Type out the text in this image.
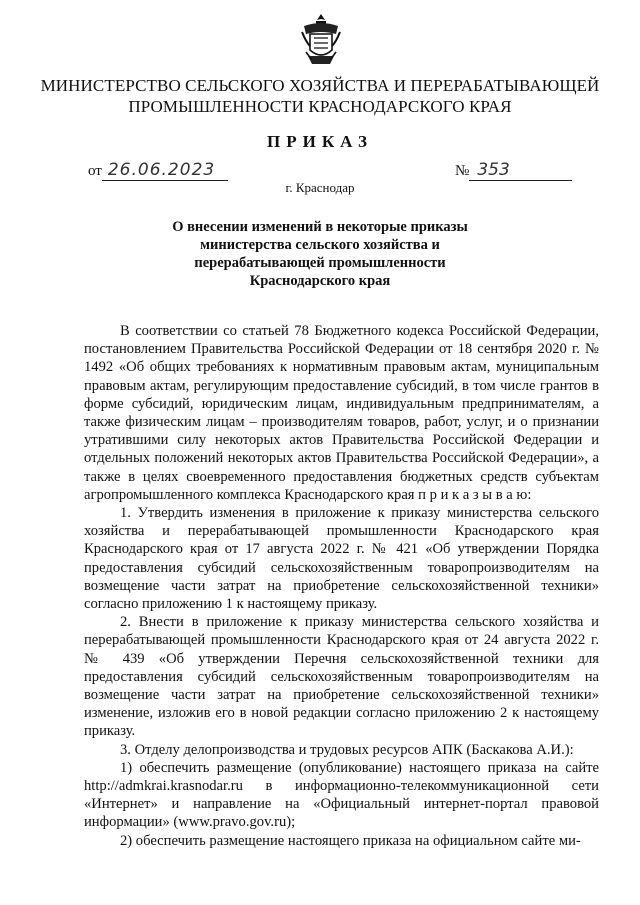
МИНИСТЕРСТВО СЕЛЬСКОГО ХОЗЯЙСТВА И ПЕРЕРАБАТЫВАЮЩЕЙ
ПРОМЫШЛЕННОСТИ КРАСНОДАРСКОГО КРАЯ
ПРИКАЗ
от 26.06.2023	№ 353
г. Краснодар
О внесении изменений в некоторые приказы
министерства сельского хозяйства и
перерабатывающей промышленности
Краснодарского края

В соответствии со статьей 78 Бюджетного кодекса Российской Федерации, постановлением Правительства Российской Федерации от 18 сентября 2020 г. № 1492 «Об общих требованиях к нормативным правовым актам, муниципальным правовым актам, регулирующим предоставление субсидий, в том числе грантов в форме субсидий, юридическим лицам, индивидуальным предпринимателям, а также физическим лицам – производителям товаров, работ, услуг, и о признании утратившими силу некоторых актов Правительства Российской Федерации и отдельных положений некоторых актов Правительства Российской Федерации», а также в целях своевременного предоставления бюджетных средств субъектам агропромышленного комплекса Краснодарского края п р и к а з ы в а ю:

1. Утвердить изменения в приложение к приказу министерства сельского хозяйства и перерабатывающей промышленности Краснодарского края Краснодарского края от 17 августа 2022 г. № 421 «Об утверждении Порядка предоставления субсидий сельскохозяйственным товаропроизводителям на возмещение части затрат на приобретение сельскохозяйственной техники» согласно приложению 1 к настоящему приказу.

2. Внести в приложение к приказу министерства сельского хозяйства и перерабатывающей промышленности Краснодарского края от 24 августа 2022 г. № 439 «Об утверждении Перечня сельскохозяйственной техники для предоставления субсидий сельскохозяйственным товаропроизводителям на возмещение части затрат на приобретение сельскохозяйственной техники» изменение, изложив его в новой редакции согласно приложению 2 к настоящему приказу.

3. Отделу делопроизводства и трудовых ресурсов АПК (Баскакова А.И.):

1) обеспечить размещение (опубликование) настоящего приказа на сайте http://admkrai.krasnodar.ru в информационно-телекоммуникационной сети «Интернет» и направление на «Официальный интернет-портал правовой информации» (www.pravo.gov.ru);

2) обеспечить размещение настоящего приказа на официальном сайте ми-
